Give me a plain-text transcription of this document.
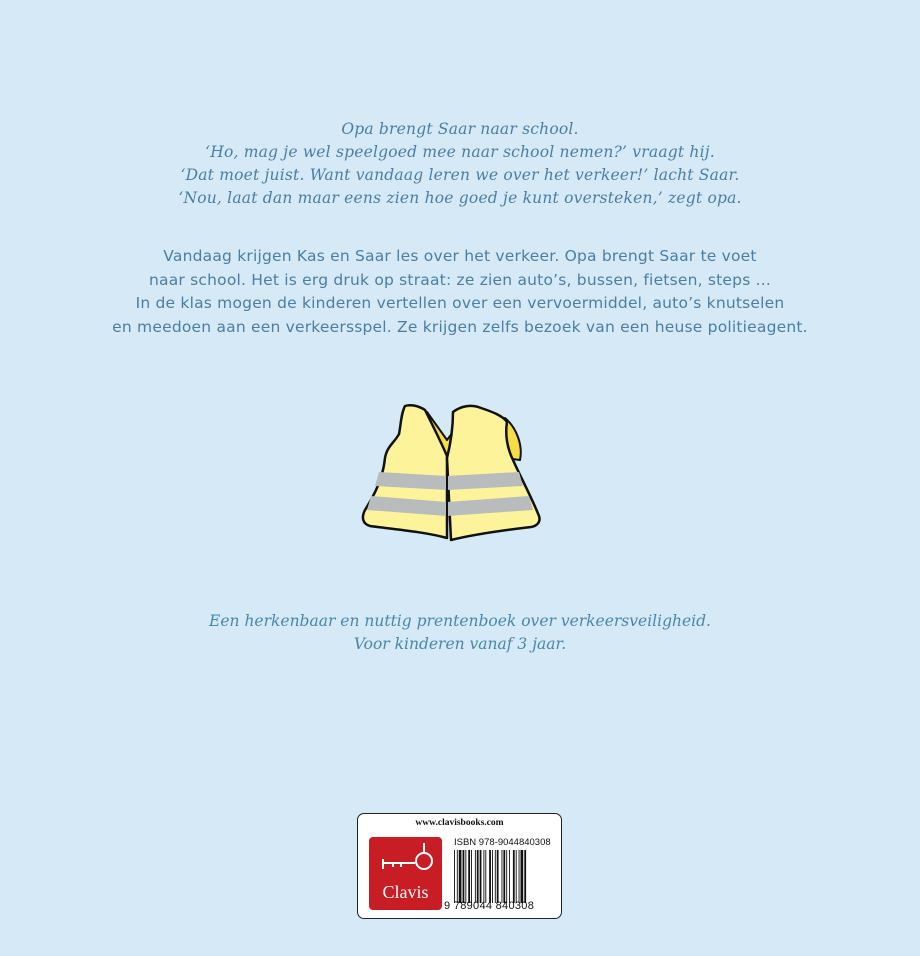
Opa brengt Saar naar school.
‘Ho, mag je wel speelgoed mee naar school nemen?’ vraagt hij.
‘Dat moet juist. Want vandaag leren we over het verkeer!’ lacht Saar.
‘Nou, laat dan maar eens zien hoe goed je kunt oversteken,’ zegt opa.
Vandaag krijgen Kas en Saar les over het verkeer. Opa brengt Saar te voet
naar school. Het is erg druk op straat: ze zien auto’s, bussen, fietsen, steps ...
In de klas mogen de kinderen vertellen over een vervoermiddel, auto’s knutselen
en meedoen aan een verkeersspel. Ze krijgen zelfs bezoek van een heuse politieagent.
Een herkenbaar en nuttig prentenboek over verkeersveiligheid.
Voor kinderen vanaf 3 jaar.
www.clavisbooks.com
Clavis
ISBN 978-9044840308
9 789044 840308
